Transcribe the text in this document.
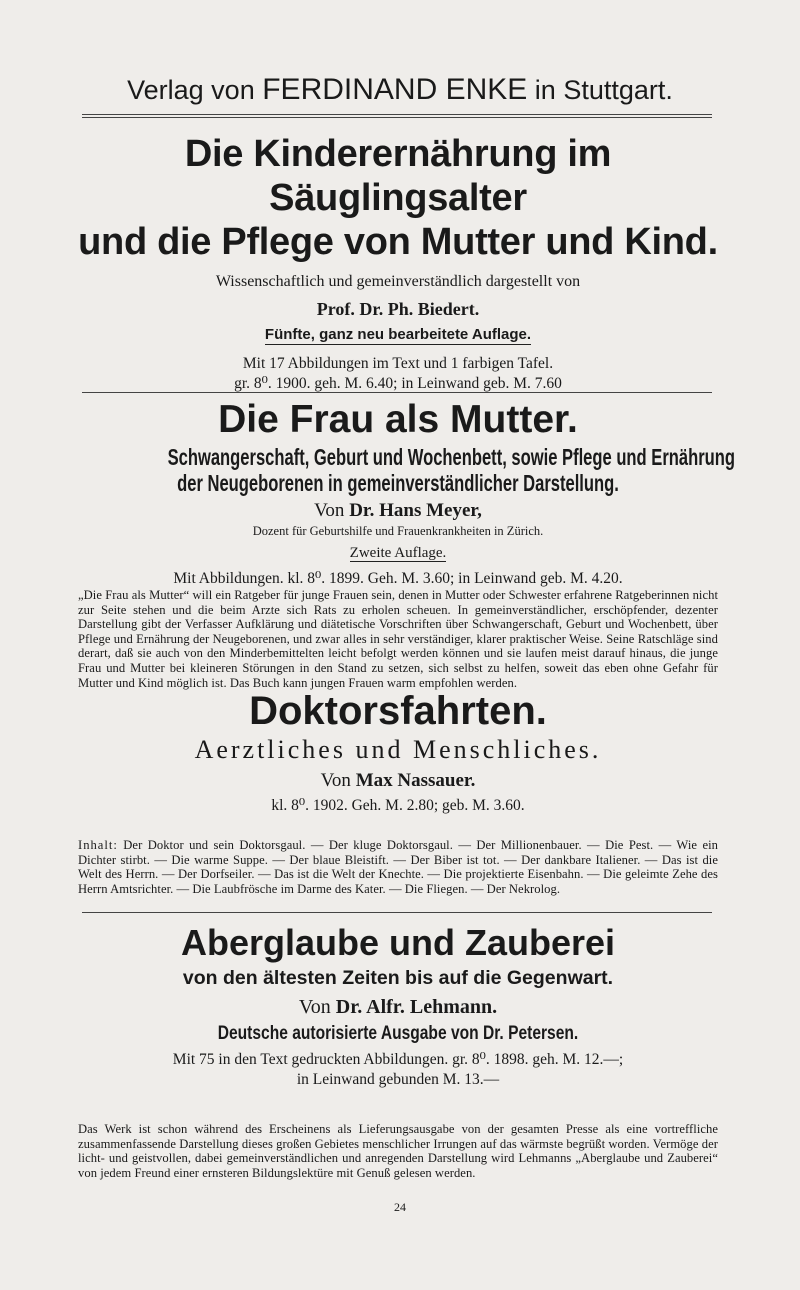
Verlag von FERDINAND ENKE in Stuttgart.

Die Kinderernährung im Säuglingsalter

und die Pflege von Mutter und Kind.

Wissenschaftlich und gemeinverständlich dargestellt von

Prof. Dr. Ph. Biedert.

Fünfte, ganz neu bearbeitete Auflage.

Mit 17 Abbildungen im Text und 1 farbigen Tafel.

gr. 8⁰. 1900. geh. M. 6.40; in Leinwand geb. M. 7.60

Die Frau als Mutter.

Schwangerschaft, Geburt und Wochenbett, sowie Pflege und Ernährung

der Neugeborenen in gemeinverständlicher Darstellung.

Von Dr. Hans Meyer,

Dozent für Geburtshilfe und Frauenkrankheiten in Zürich.

Zweite Auflage.

Mit Abbildungen. kl. 8⁰. 1899. Geh. M. 3.60; in Leinwand geb. M. 4.20.

„Die Frau als Mutter“ will ein Ratgeber für junge Frauen sein, denen in Mutter oder Schwester erfahrene Ratgeberinnen nicht zur Seite stehen und die beim Arzte sich Rats zu erholen scheuen. In gemeinverständlicher, erschöpfender, dezenter Darstellung gibt der Verfasser Aufklärung und diätetische Vorschriften über Schwangerschaft, Geburt und Wochenbett, über Pflege und Ernährung der Neugeborenen, und zwar alles in sehr verständiger, klarer praktischer Weise. Seine Ratschläge sind derart, daß sie auch von den Minderbemittelten leicht befolgt werden können und sie laufen meist darauf hinaus, die junge Frau und Mutter bei kleineren Störungen in den Stand zu setzen, sich selbst zu helfen, soweit das eben ohne Gefahr für Mutter und Kind möglich ist. Das Buch kann jungen Frauen warm empfohlen werden.

Doktorsfahrten.

Aerztliches und Menschliches.

Von Max Nassauer.

kl. 8⁰. 1902. Geh. M. 2.80; geb. M. 3.60.

Inhalt: Der Doktor und sein Doktorsgaul. — Der kluge Doktorsgaul. — Der Millionenbauer. — Die Pest. — Wie ein Dichter stirbt. — Die warme Suppe. — Der blaue Bleistift. — Der Biber ist tot. — Der dankbare Italiener. — Das ist die Welt des Herrn. — Der Dorfseiler. — Das ist die Welt der Knechte. — Die projektierte Eisenbahn. — Die geleimte Zehe des Herrn Amtsrichter. — Die Laubfrösche im Darme des Kater. — Die Fliegen. — Der Nekrolog.

Aberglaube und Zauberei

von den ältesten Zeiten bis auf die Gegenwart.

Von Dr. Alfr. Lehmann.

Deutsche autorisierte Ausgabe von Dr. Petersen.

Mit 75 in den Text gedruckten Abbildungen. gr. 8⁰. 1898. geh. M. 12.—;

in Leinwand gebunden M. 13.—

Das Werk ist schon während des Erscheinens als Lieferungsausgabe von der gesamten Presse als eine vortreffliche zusammenfassende Darstellung dieses großen Gebietes menschlicher Irrungen auf das wärmste begrüßt worden. Vermöge der licht- und geistvollen, dabei gemeinverständlichen und anregenden Darstellung wird Lehmanns „Aberglaube und Zauberei“ von jedem Freund einer ernsteren Bildungslektüre mit Genuß gelesen werden.

24
